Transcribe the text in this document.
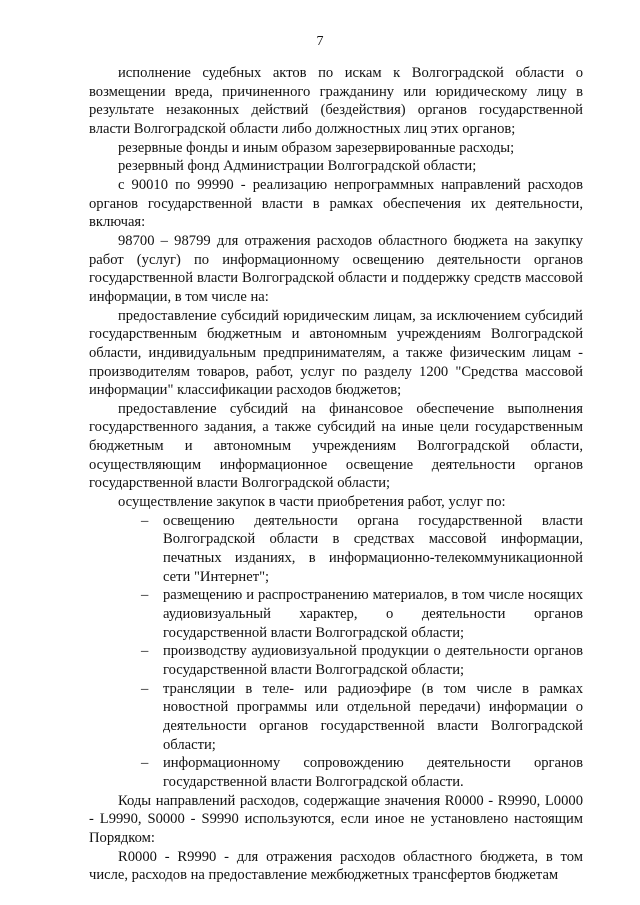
7

исполнение судебных актов по искам к Волгоградской области о возмещении вреда, причиненного гражданину или юридическому лицу в результате незаконных действий (бездействия) органов государственной власти Волгоградской области либо должностных лиц этих органов;

резервные фонды и иным образом зарезервированные расходы;

резервный фонд Администрации Волгоградской области;

с 90010 по 99990 - реализацию непрограммных направлений расходов органов государственной власти в рамках обеспечения их деятельности, включая:

98700 – 98799 для отражения расходов областного бюджета на закупку работ (услуг) по информационному освещению деятельности органов государственной власти Волгоградской области и поддержку средств массовой информации, в том числе на:

предоставление субсидий юридическим лицам, за исключением субсидий государственным бюджетным и автономным учреждениям Волгоградской области, индивидуальным предпринимателям, а также физическим лицам - производителям товаров, работ, услуг по разделу 1200 "Средства массовой информации" классификации расходов бюджетов;

предоставление субсидий на финансовое обеспечение выполнения государственного задания, а также субсидий на иные цели государственным бюджетным и автономным учреждениям Волгоградской области, осуществляющим информационное освещение деятельности органов государственной власти Волгоградской области;

осуществление закупок в части приобретения работ, услуг по:

–	освещению деятельности органа государственной власти Волгоградской области в средствах массовой информации, печатных изданиях, в информационно-телекоммуникационной сети "Интернет";
–	размещению и распространению материалов, в том числе носящих аудиовизуальный характер, о деятельности органов государственной власти Волгоградской области;
–	производству аудиовизуальной продукции о деятельности органов государственной власти Волгоградской области;
–	трансляции в теле- или радиоэфире (в том числе в рамках новостной программы или отдельной передачи) информации о деятельности органов государственной власти Волгоградской области;
–	информационному сопровождению деятельности органов государственной власти Волгоградской области.

Коды направлений расходов, содержащие значения R0000 - R9990, L0000 - L9990, S0000 - S9990 используются, если иное не установлено настоящим Порядком:

R0000 - R9990 - для отражения расходов областного бюджета, в том числе, расходов на предоставление межбюджетных трансфертов бюджетам
